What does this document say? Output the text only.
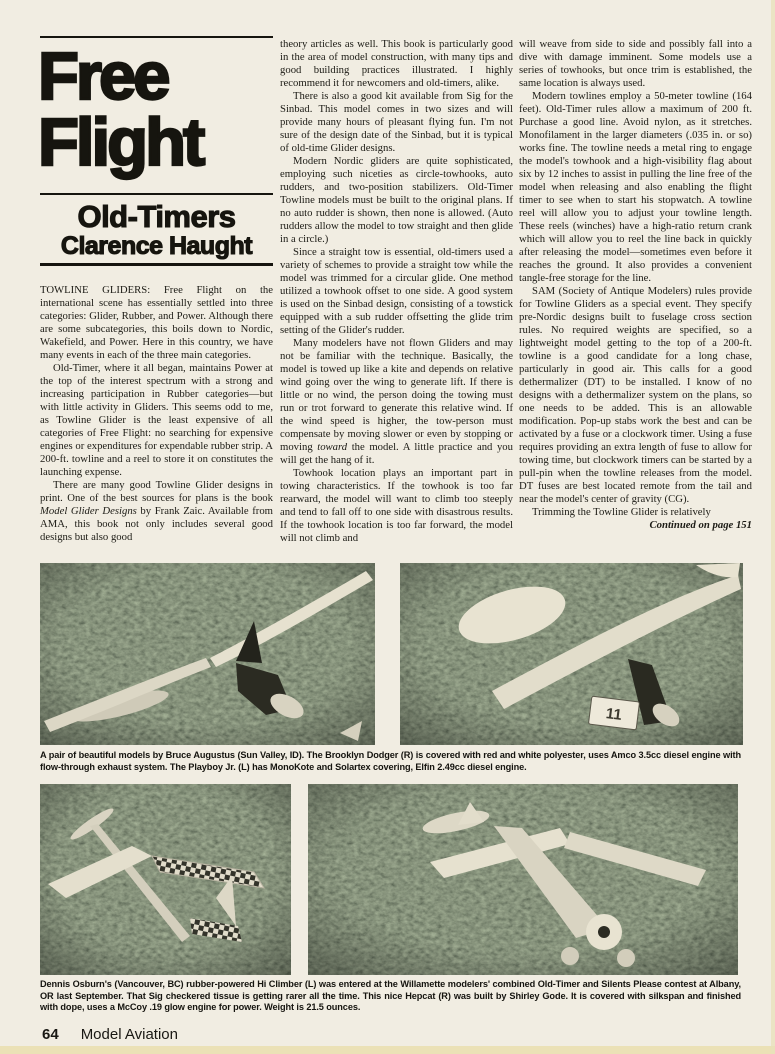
Free
Flight
Old-Timers
Clarence Haught

TOWLINE GLIDERS: Free Flight on the international scene has essentially settled into three categories: Glider, Rubber, and Power. Although there are some subcategories, this boils down to Nordic, Wakefield, and Power. Here in this country, we have many events in each of the three main categories.

Old-Timer, where it all began, maintains Power at the top of the interest spectrum with a strong and increasing participation in Rubber categories—but with little activity in Gliders. This seems odd to me, as Towline Glider is the least expensive of all categories of Free Flight: no searching for expensive engines or expenditures for expendable rubber strip. A 200-ft. towline and a reel to store it on constitutes the launching expense.

There are many good Towline Glider designs in print. One of the best sources for plans is the book Model Glider Designs by Frank Zaic. Available from AMA, this book not only includes several good designs but also good

theory articles as well. This book is particularly good in the area of model construction, with many tips and good building practices illustrated. I highly recommend it for newcomers and old-timers, alike.

There is also a good kit available from Sig for the Sinbad. This model comes in two sizes and will provide many hours of pleasant flying fun. I'm not sure of the design date of the Sinbad, but it is typical of old-time Glider designs.

Modern Nordic gliders are quite sophisticated, employing such niceties as circle-towhooks, auto rudders, and two-position stabilizers. Old-Timer Towline models must be built to the original plans. If no auto rudder is shown, then none is allowed. (Auto rudders allow the model to tow straight and then glide in a circle.)

Since a straight tow is essential, old-timers used a variety of schemes to provide a straight tow while the model was trimmed for a circular glide. One method utilized a towhook offset to one side. A good system is used on the Sinbad design, consisting of a towstick equipped with a sub rudder offsetting the glide trim setting of the Glider's rudder.

Many modelers have not flown Gliders and may not be familiar with the technique. Basically, the model is towed up like a kite and depends on relative wind going over the wing to generate lift. If there is little or no wind, the person doing the towing must run or trot forward to generate this relative wind. If the wind speed is higher, the tow-person must compensate by moving slower or even by stopping or moving toward the model. A little practice and you will get the hang of it.

Towhook location plays an important part in towing characteristics. If the towhook is too far rearward, the model will want to climb too steeply and tend to fall off to one side with disastrous results. If the towhook location is too far forward, the model will not climb and

will weave from side to side and possibly fall into a dive with damage imminent. Some models use a series of towhooks, but once trim is established, the same location is always used.

Modern towlines employ a 50-meter towline (164 feet). Old-Timer rules allow a maximum of 200 ft. Purchase a good line. Avoid nylon, as it stretches. Monofilament in the larger diameters (.035 in. or so) works fine. The towline needs a metal ring to engage the model's towhook and a high-visibility flag about six by 12 inches to assist in pulling the line free of the model when releasing and also enabling the flight timer to see when to start his stopwatch. A towline reel will allow you to adjust your towline length. These reels (winches) have a high-ratio return crank which will allow you to reel the line back in quickly after releasing the model—sometimes even before it reaches the ground. It also provides a convenient tangle-free storage for the line.

SAM (Society of Antique Modelers) rules provide for Towline Gliders as a special event. They specify pre-Nordic designs built to fuselage cross section rules. No required weights are specified, so a lightweight model getting to the top of a 200-ft. towline is a good candidate for a long chase, particularly in good air. This calls for a good dethermalizer (DT) to be installed. I know of no designs with a dethermalizer system on the plans, so one needs to be added. This is an allowable modification. Pop-up stabs work the best and can be activated by a fuse or a clockwork timer. Using a fuse requires providing an extra length of fuse to allow for towing time, but clockwork timers can be started by a pull-pin when the towline releases from the model. DT fuses are best located remote from the tail and near the model's center of gravity (CG).

Trimming the Towline Glider is relatively

Continued on page 151

11

A pair of beautiful models by Bruce Augustus (Sun Valley, ID). The Brooklyn Dodger (R) is covered with red and white polyester, uses Amco 3.5cc diesel engine with flow-through exhaust system. The Playboy Jr. (L) has MonoKote and Solartex covering, Elfin 2.49cc diesel engine.

Dennis Osburn's (Vancouver, BC) rubber-powered Hi Climber (L) was entered at the Willamette modelers' combined Old-Timer and Silents Please contest at Albany, OR last September. That Sig checkered tissue is getting rarer all the time. This nice Hepcat (R) was built by Shirley Gode. It is covered with silkspan and finished with dope, uses a McCoy .19 glow engine for power. Weight is 21.5 ounces.

64 Model Aviation
